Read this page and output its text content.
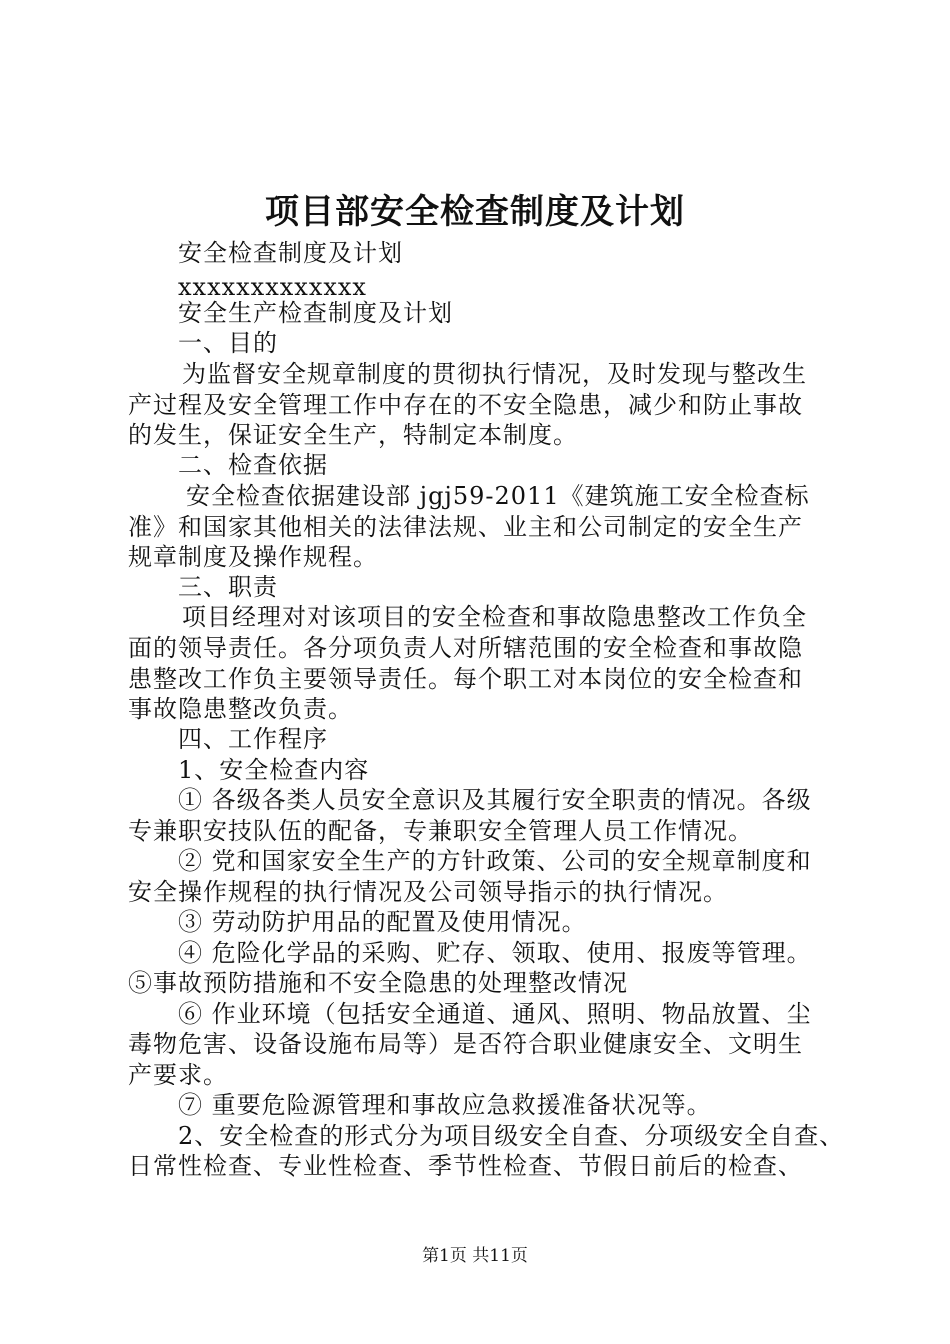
项目部安全检查制度及计划
安全检查制度及计划
xxxxxxxxxxxxx
安全生产检查制度及计划
一、目的
为监督安全规章制度的贯彻执行情况，及时发现与整改生
产过程及安全管理工作中存在的不安全隐患，减少和防止事故
的发生，保证安全生产，特制定本制度。
二、检查依据
安全检查依据建设部 jgj59-2011《建筑施工安全检查标
准》和国家其他相关的法律法规、业主和公司制定的安全生产
规章制度及操作规程。
三、职责
项目经理对对该项目的安全检查和事故隐患整改工作负全
面的领导责任。各分项负责人对所辖范围的安全检查和事故隐
患整改工作负主要领导责任。每个职工对本岗位的安全检查和
事故隐患整改负责。
四、工作程序
1、安全检查内容
① 各级各类人员安全意识及其履行安全职责的情况。各级
专兼职安技队伍的配备，专兼职安全管理人员工作情况。
② 党和国家安全生产的方针政策、公司的安全规章制度和
安全操作规程的执行情况及公司领导指示的执行情况。
③ 劳动防护用品的配置及使用情况。
④ 危险化学品的采购、贮存、领取、使用、报废等管理。
⑤事故预防措施和不安全隐患的处理整改情况
⑥ 作业环境（包括安全通道、通风、照明、物品放置、尘
毒物危害、设备设施布局等）是否符合职业健康安全、文明生
产要求。
⑦ 重要危险源管理和事故应急救援准备状况等。
2、安全检查的形式分为项目级安全自查、分项级安全自查、
日常性检查、专业性检查、季节性检查、节假日前后的检查、
第1页 共11页
